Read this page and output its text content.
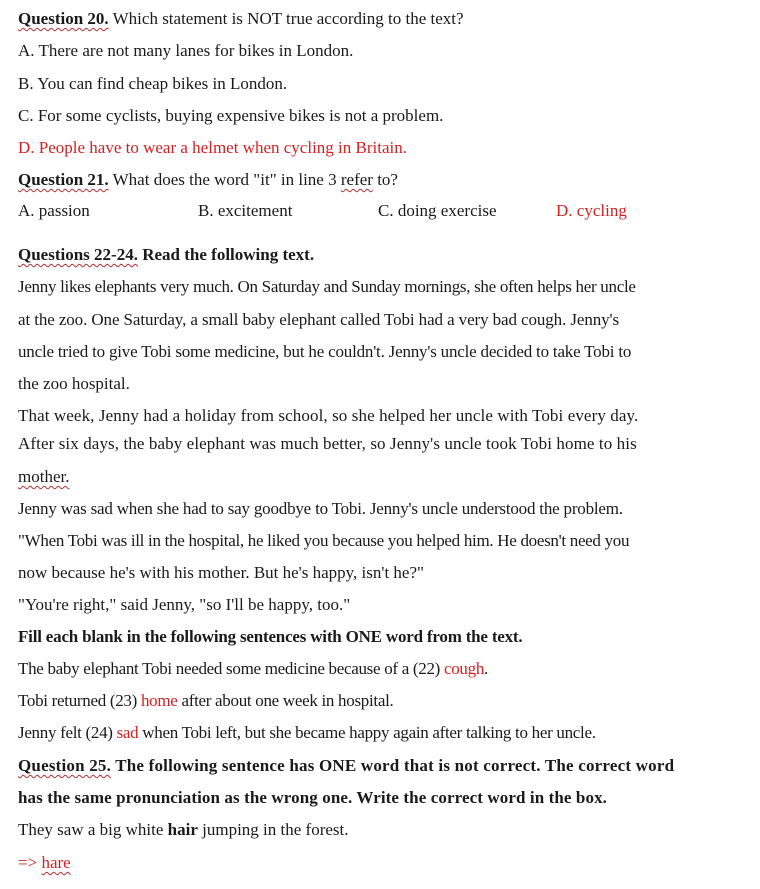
Question 20. Which statement is NOT true according to the text?
A. There are not many lanes for bikes in London.
B. You can find cheap bikes in London.
C. For some cyclists, buying expensive bikes is not a problem.
D. People have to wear a helmet when cycling in Britain.
Question 21. What does the word "it" in line 3 refer to?
A. passion	B. excitement	C. doing exercise	D. cycling
Questions 22-24. Read the following text.
Jenny likes elephants very much. On Saturday and Sunday mornings, she often helps her uncle
at the zoo. One Saturday, a small baby elephant called Tobi had a very bad cough. Jenny's
uncle tried to give Tobi some medicine, but he couldn't. Jenny's uncle decided to take Tobi to
the zoo hospital.
That week, Jenny had a holiday from school, so she helped her uncle with Tobi every day.
After six days, the baby elephant was much better, so Jenny's uncle took Tobi home to his
mother.
Jenny was sad when she had to say goodbye to Tobi. Jenny's uncle understood the problem.
"When Tobi was ill in the hospital, he liked you because you helped him. He doesn't need you
now because he's with his mother. But he's happy, isn't he?"
"You're right," said Jenny, "so I'll be happy, too."
Fill each blank in the following sentences with ONE word from the text.
The baby elephant Tobi needed some medicine because of a (22) cough.
Tobi returned (23) home after about one week in hospital.
Jenny felt (24) sad when Tobi left, but she became happy again after talking to her uncle.
Question 25. The following sentence has ONE word that is not correct. The correct word
has the same pronunciation as the wrong one. Write the correct word in the box.
They saw a big white hair jumping in the forest.
=> hare
